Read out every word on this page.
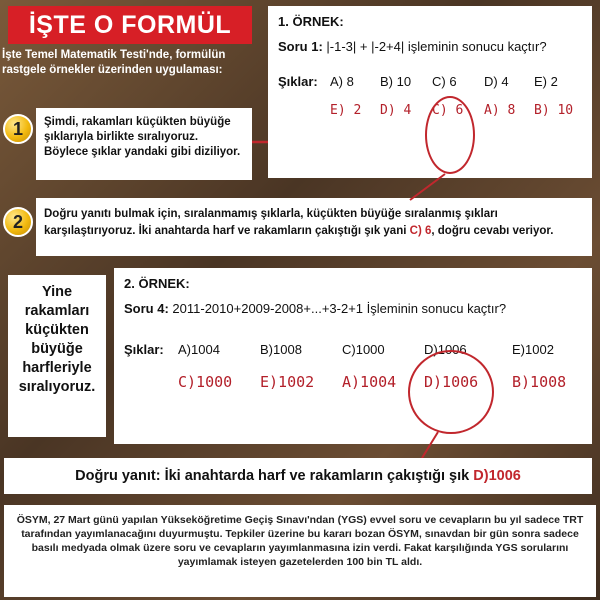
İŞTE O FORMÜL
İşte Temel Matematik Testi'nde, formülün rastgele örnekler üzerinden uygulaması:
1	Şimdi, rakamları küçükten büyüğe
şıklarıyla birlikte sıralıyoruz.
Böylece şıklar yandaki gibi diziliyor.
1. ÖRNEK:
Soru 1: |-1-3| + |-2+4| işleminin sonucu kaçtır?
Şıklar: A) 8	B) 10	C) 6	D) 4	E) 2
E) 2	D) 4	C) 6	A) 8	B) 10
2	Doğru yanıtı bulmak için, sıralanmamış şıklarla, küçükten büyüğe sıralanmış şıkları karşılaştırıyoruz. İki anahtarda harf ve rakamların çakıştığı şık yani C) 6, doğru cevabı veriyor.
Yine
rakamları
küçükten
büyüğe
harfleriyle
sıralıyoruz.
2. ÖRNEK:
Soru 4: 2011-2010+2009-2008+...+3-2+1 İşleminin sonucu kaçtır?
Şıklar:	A)1004	B)1008	C)1000	D)1006	E)1002
C)1000	E)1002	A)1004	D)1006	B)1008
Doğru yanıt: İki anahtarda harf ve rakamların çakıştığı şık
D)1006
ÖSYM, 27 Mart günü yapılan Yükseköğretime Geçiş Sınavı'ndan (YGS) evvel soru ve cevapların bu yıl sadece TRT tarafından yayımlanacağını duyurmuştu. Tepkiler üzerine bu kararı bozan ÖSYM, sınavdan bir gün sonra sadece basılı medyada olmak üzere soru ve cevapların yayımlanmasına izin verdi. Fakat karşılığında YGS sorularını yayımlamak isteyen gazetelerden 100 bin TL aldı.
